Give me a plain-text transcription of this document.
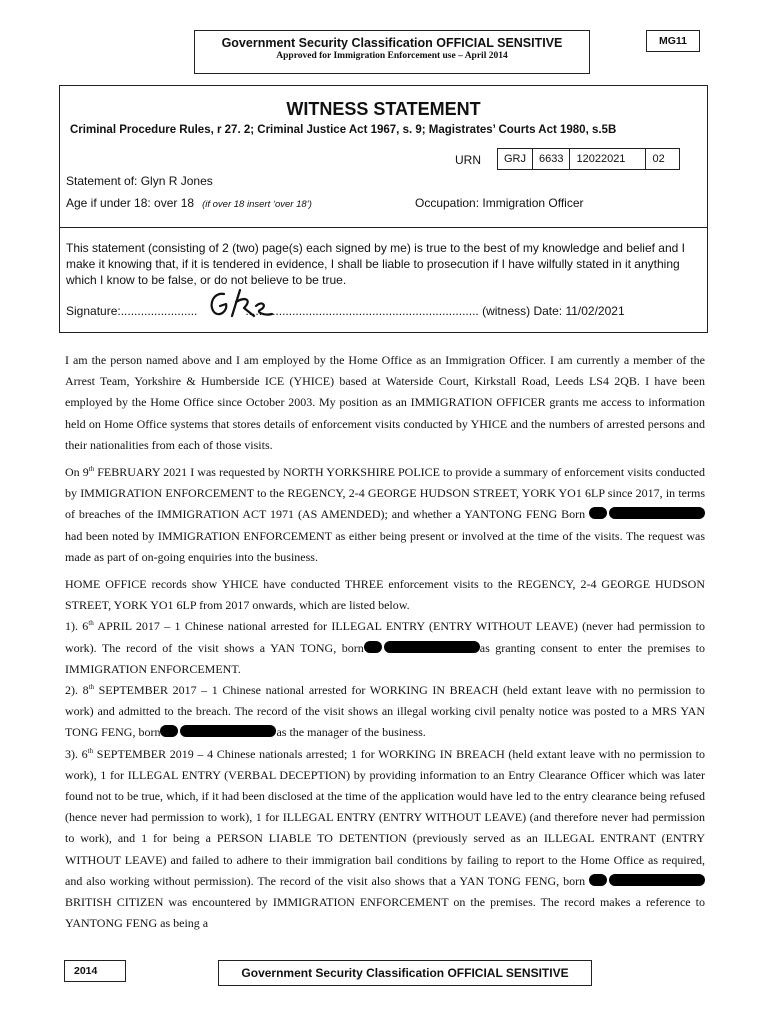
Government Security Classification OFFICIAL SENSITIVE
Approved for Immigration Enforcement use – April 2014
MG11
WITNESS STATEMENT
Criminal Procedure Rules, r 27. 2; Criminal Justice Act 1967, s. 9; Magistrates’ Courts Act 1980, s.5B
URN GRJ	6633	12022021	02
Statement of: Glyn R Jones
Age if under 18: over 18 (if over 18 insert ‘over 18’)	Occupation: Immigration Officer
This statement (consisting of 2 (two) page(s) each signed by me) is true to the best of my knowledge and belief and I make it knowing that, if it is tendered in evidence, I shall be liable to prosecution if I have wilfully stated in it anything which I know to be false, or do not believe to be true.
Signature:.......................	...................................................................... (witness) Date: 11/02/2021

I am the person named above and I am employed by the Home Office as an Immigration Officer. I am currently a member of the Arrest Team, Yorkshire & Humberside ICE (YHICE) based at Waterside Court, Kirkstall Road, Leeds LS4 2QB. I have been employed by the Home Office since October 2003. My position as an IMMIGRATION OFFICER grants me access to information held on Home Office systems that stores details of enforcement visits conducted by YHICE and the numbers of arrested persons and their nationalities from each of those visits.

On 9th FEBRUARY 2021 I was requested by NORTH YORKSHIRE POLICE to provide a summary of enforcement visits conducted by IMMIGRATION ENFORCEMENT to the REGENCY, 2-4 GEORGE HUDSON STREET, YORK YO1 6LP since 2017, in terms of breaches of the IMMIGRATION ACT 1971 (AS AMENDED); and whether a YANTONG FENG Born  had been noted by IMMIGRATION ENFORCEMENT as either being present or involved at the time of the visits. The request was made as part of on-going enquiries into the business.

HOME OFFICE records show YHICE have conducted THREE enforcement visits to the REGENCY, 2-4 GEORGE HUDSON STREET, YORK YO1 6LP from 2017 onwards, which are listed below.

1). 6th APRIL 2017 – 1 Chinese national arrested for ILLEGAL ENTRY (ENTRY WITHOUT LEAVE) (never had permission to work). The record of the visit shows a YAN TONG, born	as granting consent to enter the premises to IMMIGRATION ENFORCEMENT.

2). 8th SEPTEMBER 2017 – 1 Chinese national arrested for WORKING IN BREACH (held extant leave with no permission to work) and admitted to the breach. The record of the visit shows an illegal working civil penalty notice was posted to a MRS YAN TONG FENG, born	as the manager of the business.

3). 6th SEPTEMBER 2019 – 4 Chinese nationals arrested; 1 for WORKING IN BREACH (held extant leave with no permission to work), 1 for ILLEGAL ENTRY (VERBAL DECEPTION) by providing information to an Entry Clearance Officer which was later found not to be true, which, if it had been disclosed at the time of the application would have led to the entry clearance being refused (hence never had permission to work), 1 for ILLEGAL ENTRY (ENTRY WITHOUT LEAVE) (and therefore never had permission to work), and 1 for being a PERSON LIABLE TO DETENTION (previously served as an ILLEGAL ENTRANT (ENTRY WITHOUT LEAVE) and failed to adhere to their immigration bail conditions by failing to report to the Home Office as required, and also working without permission). The record of the visit also shows that a YAN TONG FENG, born  BRITISH CITIZEN was encountered by IMMIGRATION ENFORCEMENT on the premises. The record makes a reference to YANTONG FENG as being a

2014	Government Security Classification OFFICIAL SENSITIVE
